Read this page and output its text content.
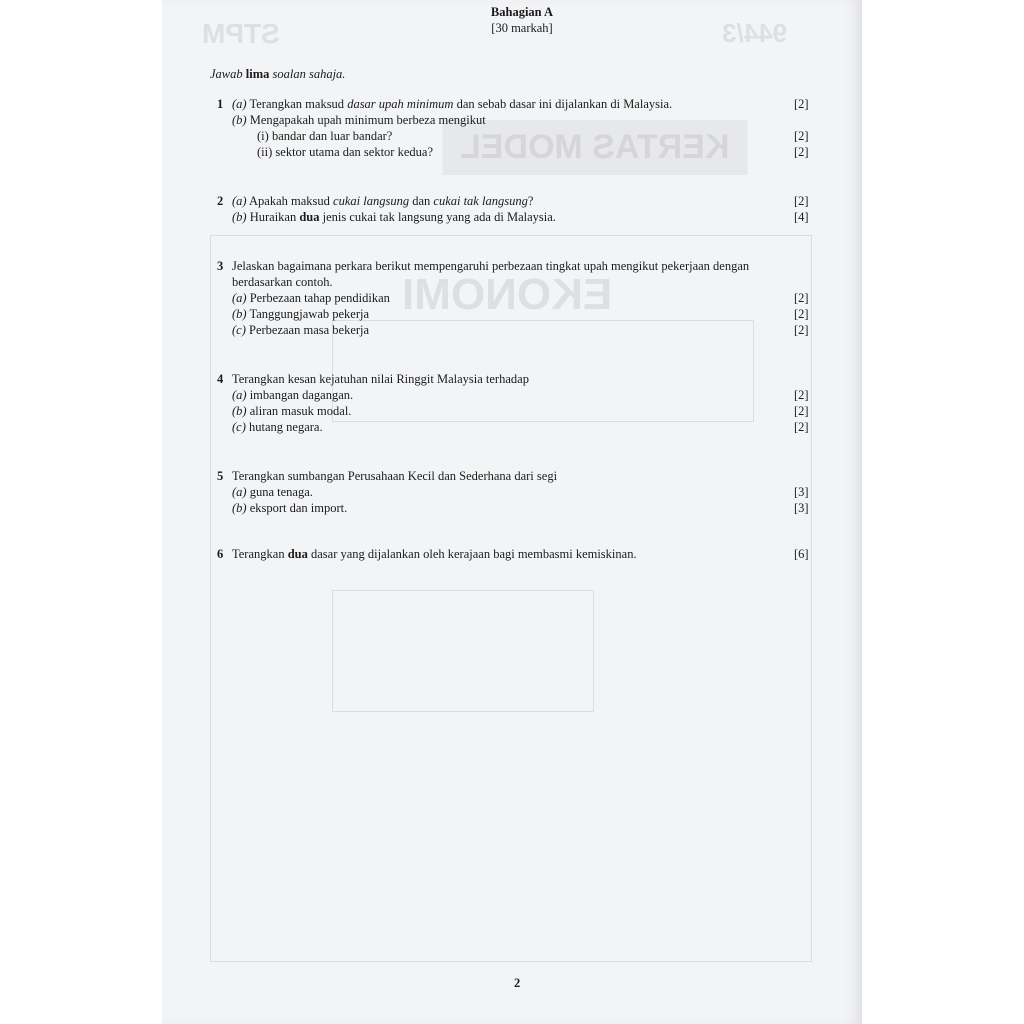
STPM	944/3
KERTAS MODEL
EKONOMI
Bahagian A
[30 markah]
Jawab lima soalan sahaja.
1 (a) Terangkan maksud dasar upah minimum dan sebab dasar ini dijalankan di Malaysia.	[2]
(b) Mengapakah upah minimum berbeza mengikut
(i) bandar dan luar bandar?	[2]
(ii) sektor utama dan sektor kedua?	[2]
2 (a) Apakah maksud cukai langsung dan cukai tak langsung?	[2]
(b) Huraikan dua jenis cukai tak langsung yang ada di Malaysia.	[4]
3 Jelaskan bagaimana perkara berikut mempengaruhi perbezaan tingkat upah mengikut pekerjaan dengan
berdasarkan contoh.
(a) Perbezaan tahap pendidikan	[2]
(b) Tanggungjawab pekerja	[2]
(c) Perbezaan masa bekerja	[2]
4 Terangkan kesan kejatuhan nilai Ringgit Malaysia terhadap
(a) imbangan dagangan.	[2]
(b) aliran masuk modal.	[2]
(c) hutang negara.	[2]
5 Terangkan sumbangan Perusahaan Kecil dan Sederhana dari segi
(a) guna tenaga.	[3]
(b) eksport dan import.	[3]
6 Terangkan dua dasar yang dijalankan oleh kerajaan bagi membasmi kemiskinan.	[6]
2
